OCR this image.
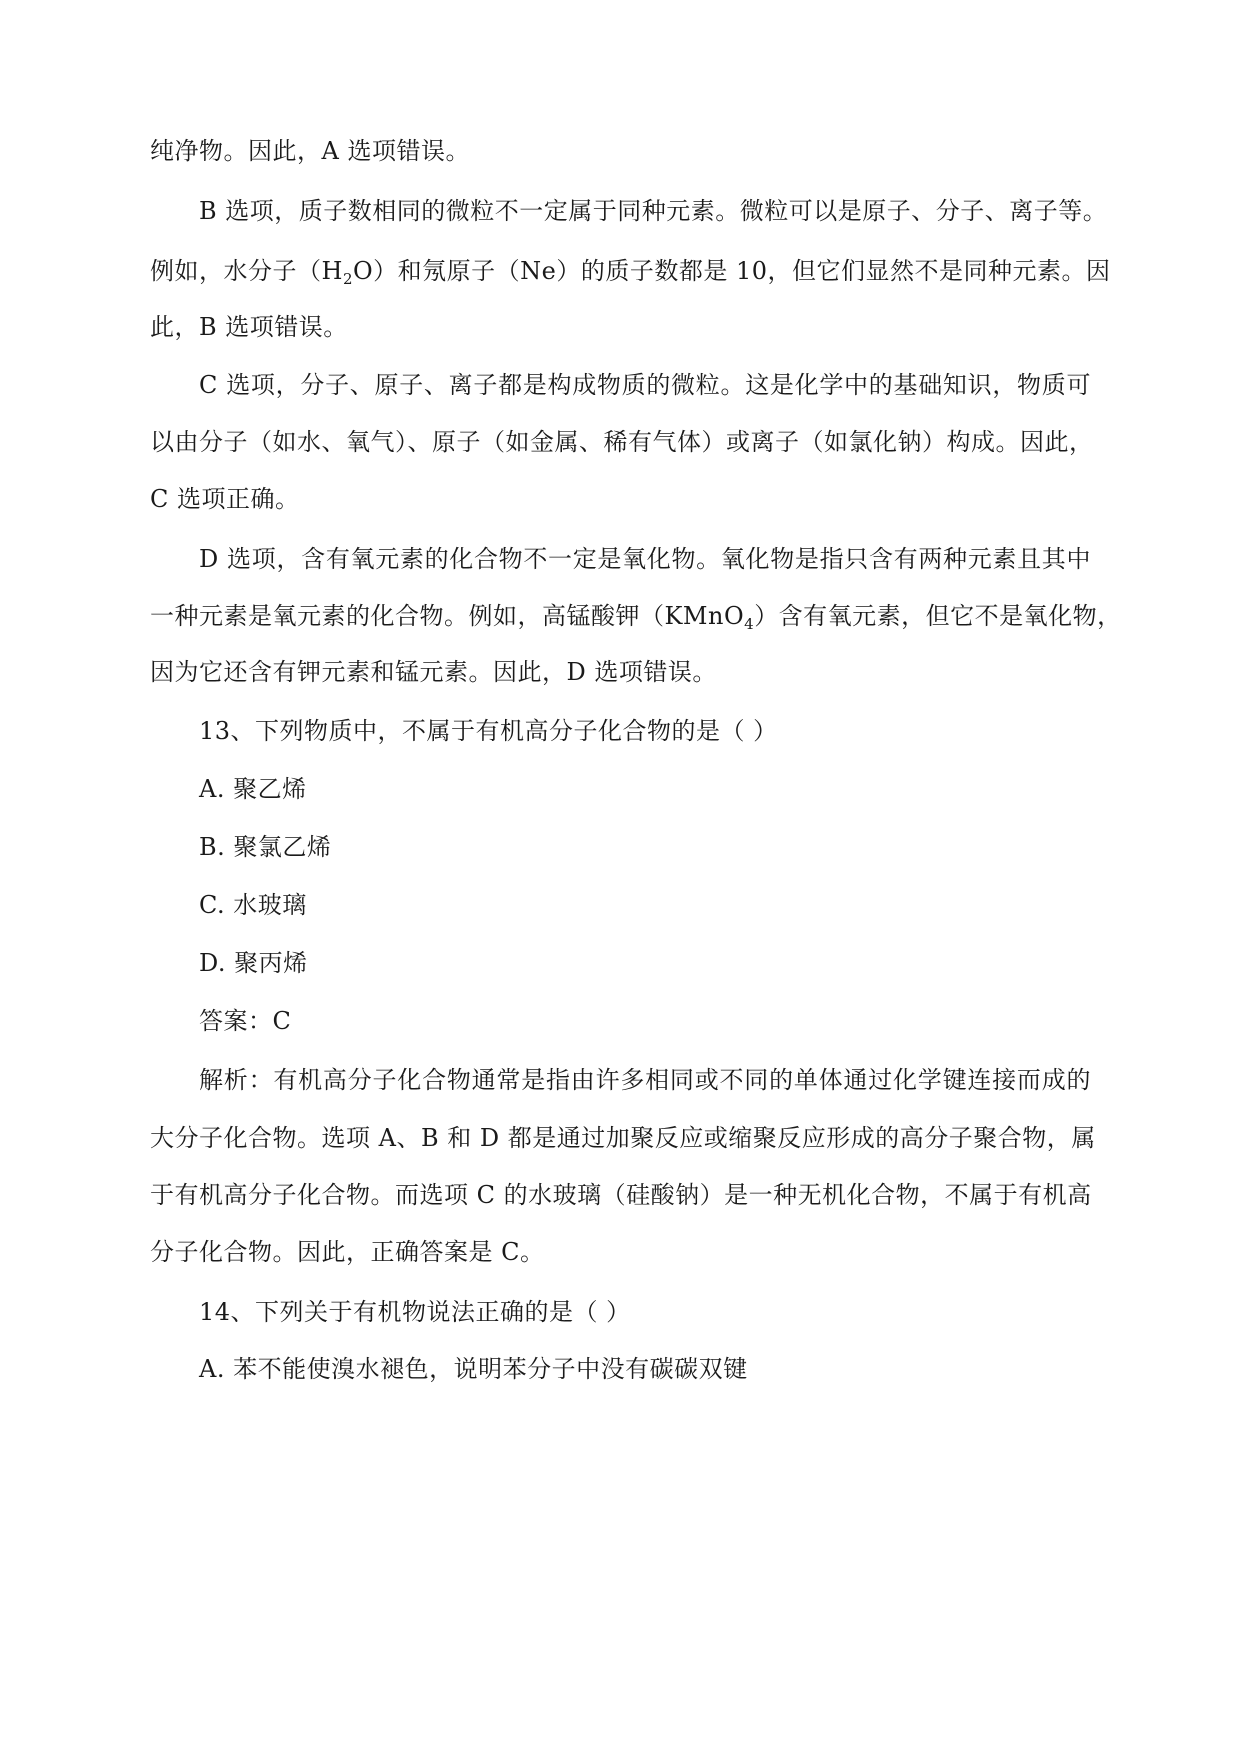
纯净物。因此，A 选项错误。
B 选项，质子数相同的微粒不一定属于同种元素。微粒可以是原子、分子、离子等。
例如，水分子$(H_2O)$和氖原子（Ne）的质子数都是 10，但它们显然不是同种元素。因
此，B 选项错误。
C 选项，分子、原子、离子都是构成物质的微粒。这是化学中的基础知识，物质可
以由分子（如水、氧气）、原子（如金属、稀有气体）或离子（如氯化钠）构成。因此，
C 选项正确。
D 选项，含有氧元素的化合物不一定是氧化物。氧化物是指只含有两种元素且其中
一种元素是氧元素的化合物。例如，高锰酸钾（KMnO$_4$）含有氧元素，但它不是氧化物，
因为它还含有钾元素和锰元素。因此，D 选项错误。
13、下列物质中，不属于有机高分子化合物的是（ ）
A. 聚乙烯
B. 聚氯乙烯
C. 水玻璃
D. 聚丙烯
答案：C
解析：有机高分子化合物通常是指由许多相同或不同的单体通过化学键连接而成的
大分子化合物。选项 A、B 和 D 都是通过加聚反应或缩聚反应形成的高分子聚合物，属
于有机高分子化合物。而选项 C 的水玻璃（硅酸钠）是一种无机化合物，不属于有机高
分子化合物。因此，正确答案是 C。
14、下列关于有机物说法正确的是（ ）
A. 苯不能使溴水褪色，说明苯分子中没有碳碳双键
